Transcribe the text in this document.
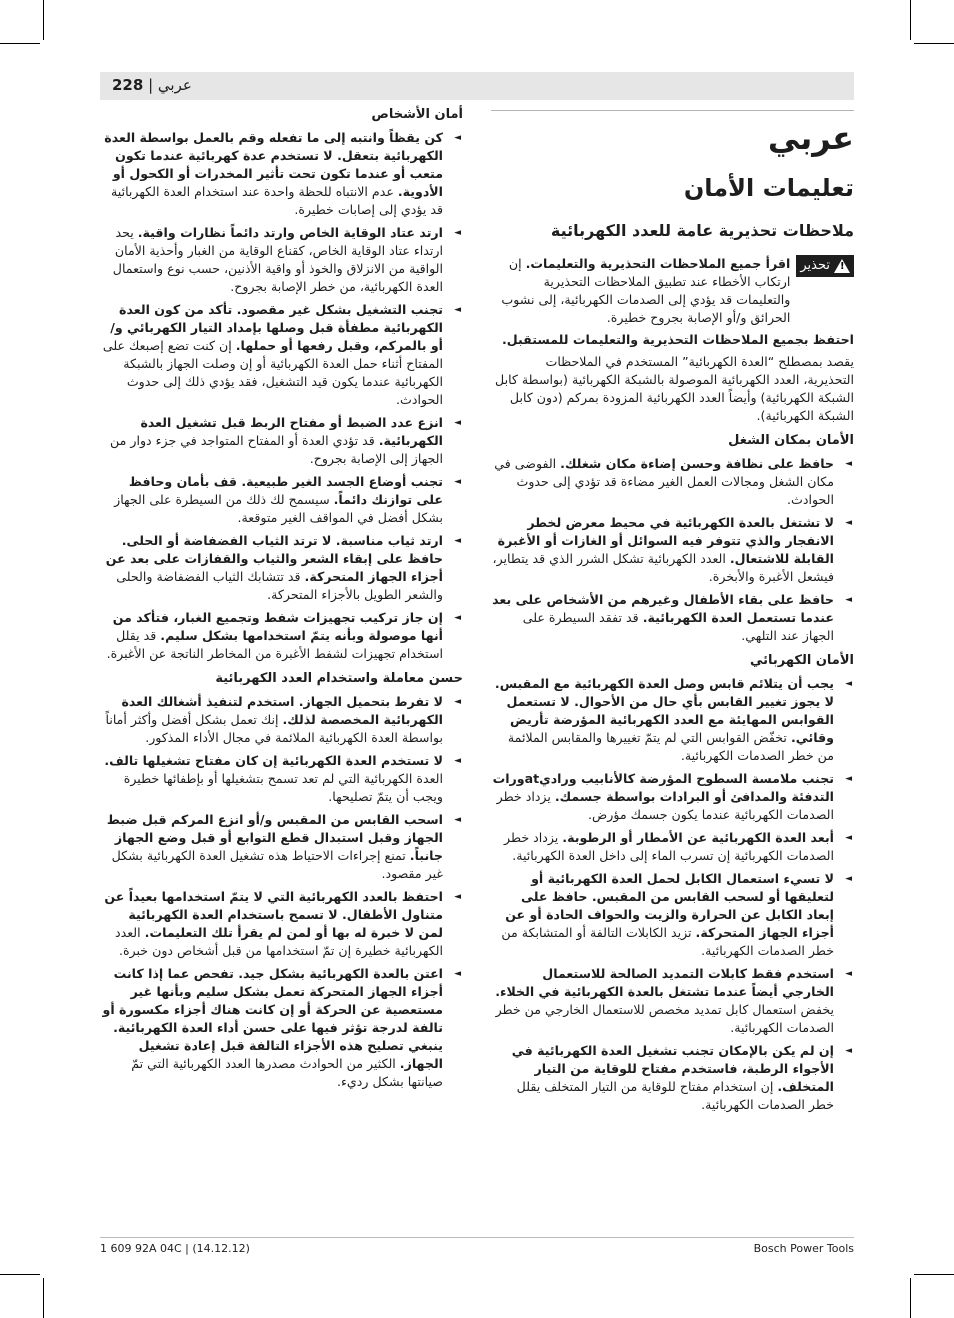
228 | عربي
عربي
تعليمات الأمان
ملاحظات تحذيرية عامة للعدد الكهربائية
!
تحذير
اقرأ جميع الملاحظات التحذيرية والتعليمات. إن ارتكاب الأخطاء عند تطبيق الملاحظات التحذيرية والتعليمات قد يؤدي إلى الصدمات الكهربائية، إلى نشوب الحرائق و/أو الإصابة بجروح خطيرة.

احتفظ بجميع الملاحظات التحذيرية والتعليمات للمستقبل.

يقصد بمصطلح “العدة الكهربائية” المستخدم في الملاحظات التحذيرية، العدد الكهربائية الموصولة بالشبكة الكهربائية (بواسطة كابل الشبكة الكهربائية) وأيضاً العدد الكهربائية المزودة بمركم (دون كابل الشبكة الكهربائية).

الأمان بمكان الشغل
◄
حافظ على نظافة وحسن إضاءة مكان شغلك. الفوضى في مكان الشغل ومجالات العمل الغير مضاءة قد تؤدي إلى حدوث الحوادث.
◄
لا تشتغل بالعدة الكهربائية في محيط معرض لخطر الانفجار والذي تتوفر فيه السوائل أو الغازات أو الأغبرة القابلة للاشتعال. العدد الكهربائية تشكل الشرر الذي قد يتطاير، فيشعل الأغبرة والأبخرة.
◄
حافظ على بقاء الأطفال وغيرهم من الأشخاص على بعد عندما تستعمل العدة الكهربائية. قد تفقد السيطرة على الجهاز عند التلهي.
الأمان الكهربائي
◄
يجب أن يتلائم قابس وصل العدة الكهربائية مع المقبس. لا يجوز تغيير القابس بأي حال من الأحوال. لا تستعمل القوابس المهايئة مع العدد الكهربائية المؤرضة تأريض وقائي. تخفّض القوابس التي لم يتمّ تغييرها والمقابس الملائمة من خطر الصدمات الكهربائية.
◄
تجنب ملامسة السطوح المؤرضة كالأنابيب وراديatورات التدفئة والمدافئ أو البرادات بواسطة جسمك. يزداد خطر الصدمات الكهربائية عندما يكون جسمك مؤرض.
◄
أبعد العدة الكهربائية عن الأمطار أو الرطوبة. يزداد خطر الصدمات الكهربائية إن تسرب الماء إلى داخل العدة الكهربائية.
◄
لا تسيء استعمال الكابل لحمل العدة الكهربائية أو لتعليقها أو لسحب القابس من المقبس. حافظ على إبعاد الكابل عن الحرارة والزيت والحواف الحادة أو عن أجزاء الجهاز المتحركة. تزيد الكابلات التالفة أو المتشابكة من خطر الصدمات الكهربائية.
◄
استخدم فقط كابلات التمديد الصالحة للاستعمال الخارجي أيضاً عندما تشتغل بالعدة الكهربائية في الخلاء. يخفض استعمال كابل تمديد مخصص للاستعمال الخارجي من خطر الصدمات الكهربائية.
◄
إن لم يكن بالإمكان تجنب تشغيل العدة الكهربائية في الأجواء الرطبة، فاستخدم مفتاح للوقاية من التيار المتخلف. إن استخدام مفتاح للوقاية من التيار المتخلف يقلل خطر الصدمات الكهربائية.
أمان الأشخاص
◄
كن يقظاً وانتبه إلى ما تفعله وقم بالعمل بواسطة العدة الكهربائية بتعقل. لا تستخدم عدة كهربائية عندما تكون متعب أو عندما تكون تحت تأثير المخدرات أو الكحول أو الأدوية. عدم الانتباه للحظة واحدة عند استخدام العدة الكهربائية قد يؤدي إلى إصابات خطيرة.
◄
ارتد عتاد الوقاية الخاص وارتد دائماً نظارات واقية. يحد ارتداء عتاد الوقاية الخاص، كقناع الوقاية من الغبار وأحذية الأمان الواقية من الانزلاق والخوذ أو واقية الأذنين، حسب نوع واستعمال العدة الكهربائية، من خطر الإصابة بجروح.
◄
تجنب التشغيل بشكل غير مقصود. تأكد من كون العدة الكهربائية مطفأة قبل وصلها بإمداد التيار الكهربائي و/أو بالمركم، وقبل رفعها أو حملها. إن كنت تضع إصبعك على المفتاح أثناء حمل العدة الكهربائية أو إن وصلت الجهاز بالشبكة الكهربائية عندما يكون قيد التشغيل، فقد يؤدي ذلك إلى حدوث الحوادث.
◄
انزع عدد الضبط أو مفتاح الربط قبل تشغيل العدة الكهربائية. قد تؤدي العدة أو المفتاح المتواجد في جزء دوار من الجهاز إلى الإصابة بجروح.
◄
تجنب أوضاع الجسد الغير طبيعية. قف بأمان وحافظ على توازنك دائماً. سيسمح لك ذلك من السيطرة على الجهاز بشكل أفضل في المواقف الغير متوقعة.
◄
ارتد ثياب مناسبة. لا ترتد الثياب الفضفاضة أو الحلى. حافظ على إبقاء الشعر والثياب والقفازات على بعد عن أجزاء الجهاز المتحركة. قد تتشابك الثياب الفضفاضة والحلى والشعر الطويل بالأجزاء المتحركة.
◄
إن جاز تركيب تجهيزات شفط وتجميع الغبار، فتأكد من أنها موصولة وبأنه يتمّ استخدامها بشكل سليم. قد يقلل استخدام تجهيزات لشفط الأغبرة من المخاطر الناتجة عن الأغبرة.
حسن معاملة واستخدام العدد الكهربائية
◄
لا تفرط بتحميل الجهاز. استخدم لتنفيذ أشغالك العدة الكهربائية المخصصة لذلك. إنك تعمل بشكل أفضل وأكثر أماناً بواسطة العدة الكهربائية الملائمة في مجال الأداء المذكور.
◄
لا تستخدم العدة الكهربائية إن كان مفتاح تشغيلها تالف. العدة الكهربائية التي لم تعد تسمح بتشغيلها أو بإطفائها خطيرة ويجب أن يتمّ تصليحها.
◄
اسحب القابس من المقبس و/أو انزع المركم قبل ضبط الجهاز وقبل استبدال قطع التوابع أو قبل وضع الجهاز جانباً. تمنع إجراءات الاحتياط هذه تشغيل العدة الكهربائية بشكل غير مقصود.
◄
احتفظ بالعدد الكهربائية التي لا يتمّ استخدامها بعيداً عن متناول الأطفال. لا تسمح باستخدام العدة الكهربائية لمن لا خبرة له بها أو لمن لم يقرأ تلك التعليمات. العدد الكهربائية خطيرة إن تمّ استخدامها من قبل أشخاص دون خبرة.
◄
اعتن بالعدة الكهربائية بشكل جيد. تفحص عما إذا كانت أجزاء الجهاز المتحركة تعمل بشكل سليم وبأنها غير مستعصية عن الحركة أو إن كانت هناك أجزاء مكسورة أو تالفة لدرجة تؤثر فيها على حسن أداء العدة الكهربائية. ينبغي تصليح هذه الأجزاء التالفة قبل إعادة تشغيل الجهاز. الكثير من الحوادث مصدرها العدد الكهربائية التي تمّ صيانتها بشكل رديء.
1 609 92A 04C | (14.12.12)	Bosch Power Tools
